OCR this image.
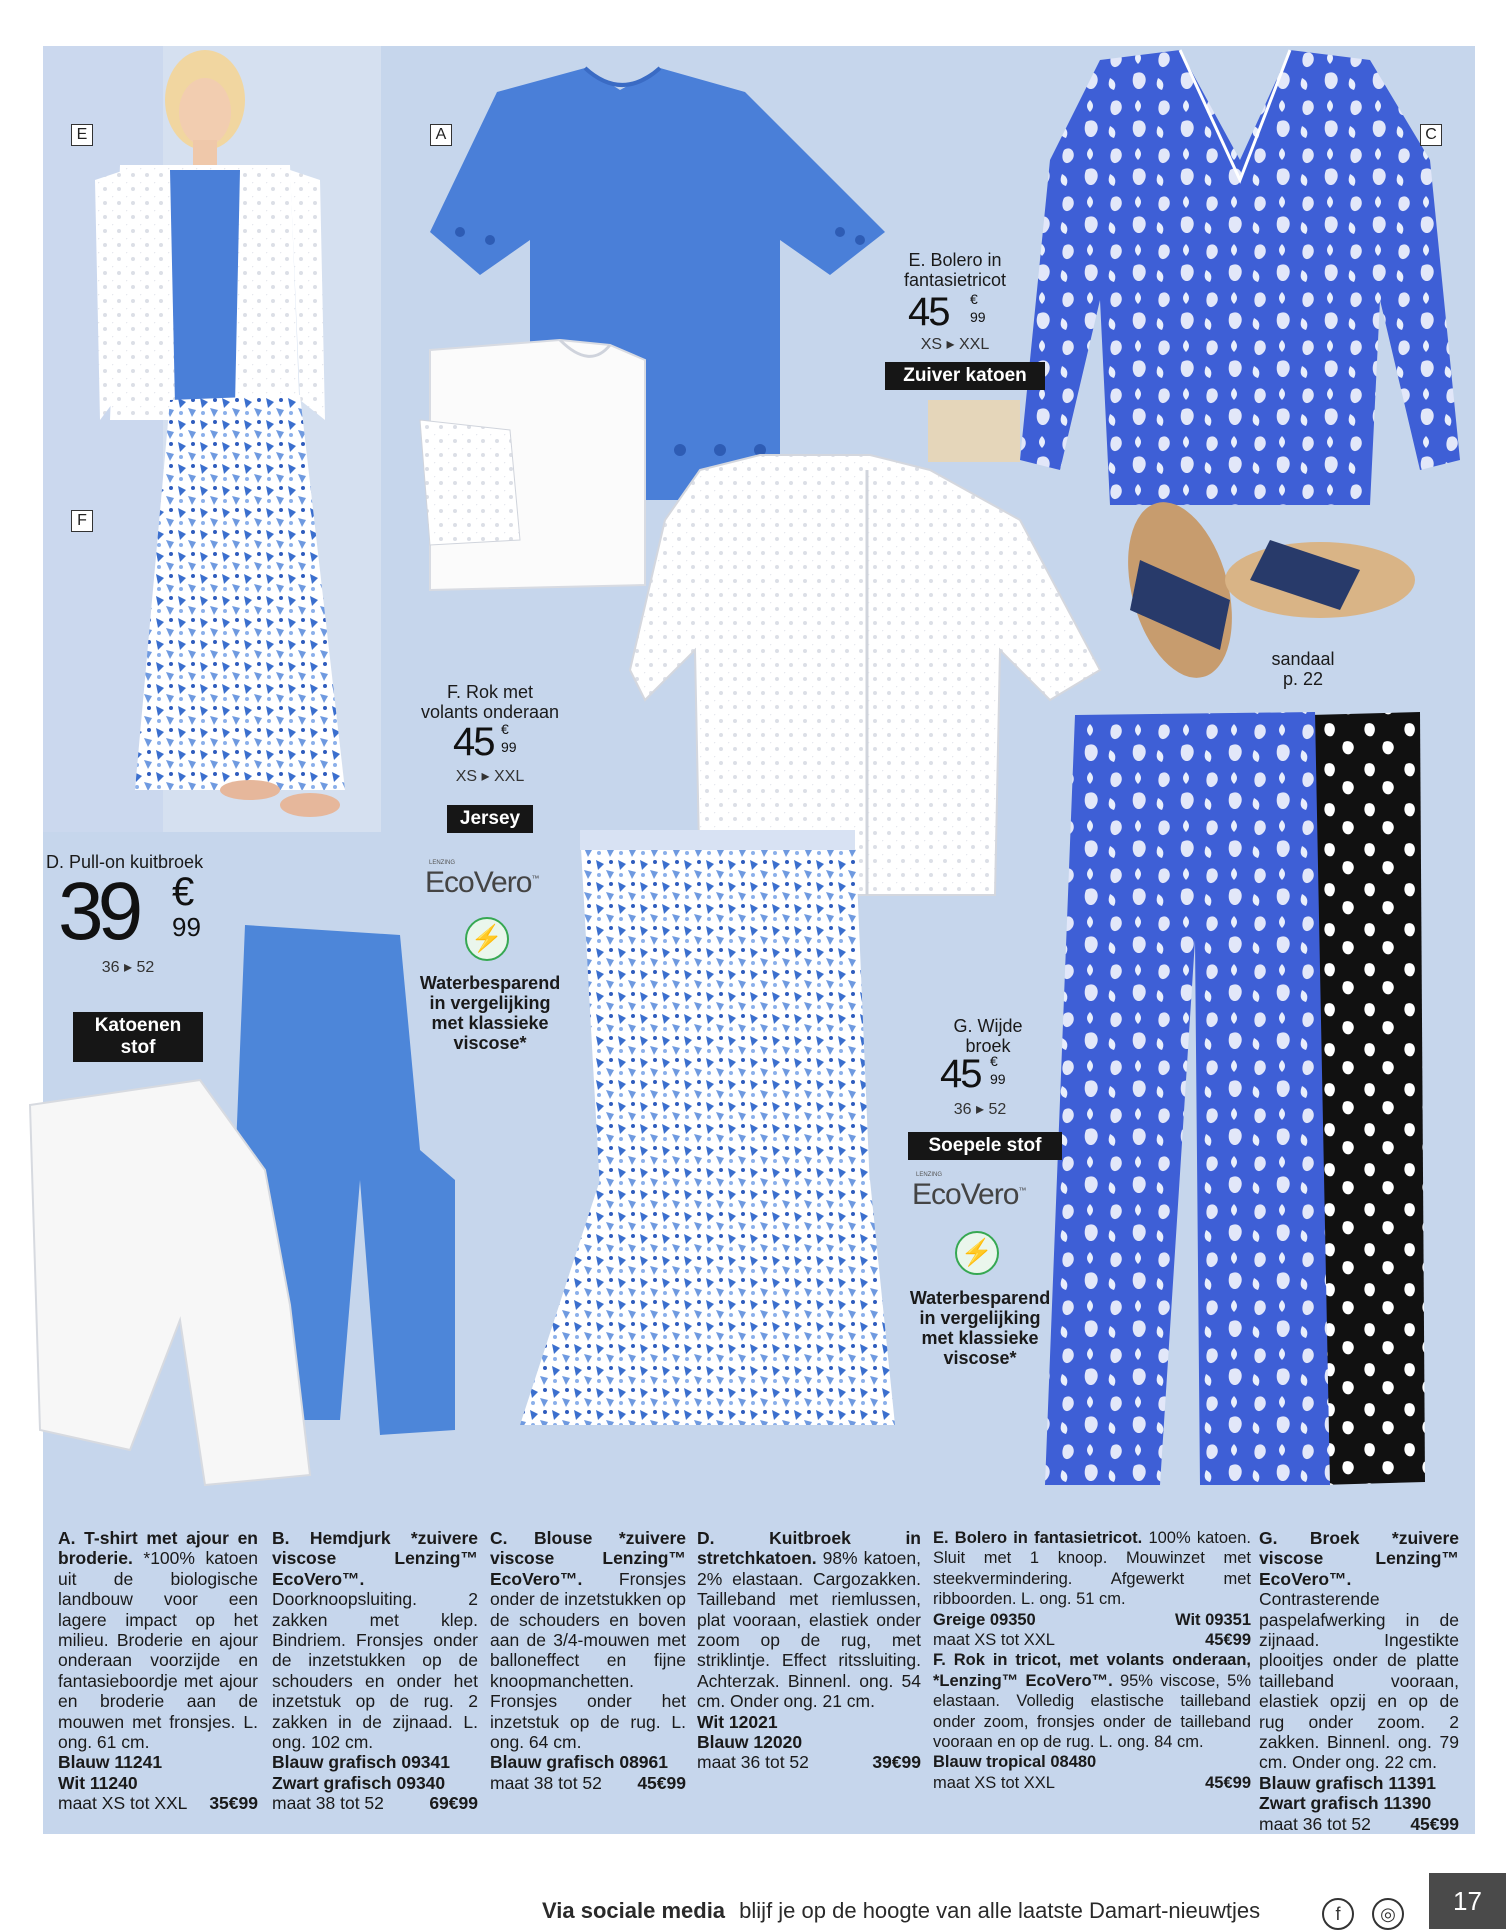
E	A	C
F
E. Bolero in
fantasietricot
45 €
99
XS ▸ XXL
Zuiver katoen
F. Rok met
volants onderaan
45 €
99
XS ▸ XXL
Jersey
LENZING
EcoVero™
⚡
Waterbesparend
in vergelijking
met klassieke
viscose*
D. Pull-on kuitbroek
39 €
99
36 ▸ 52
Katoenen
stof
sandaal
p. 22
G. Wijde
broek
45 €
99
36 ▸ 52
Soepele stof
LENZING
EcoVero™
⚡
Waterbesparend
in vergelijking
met klassieke
viscose*
A. T-shirt met ajour en broderie. *100% katoen uit de biologische landbouw voor een lagere impact op het milieu. Broderie en ajour onderaan voorzijde en fantasieboordje met ajour en broderie aan de mouwen met fronsjes. L. ong. 61 cm.
Blauw 11241
Wit 11240

maat XS tot XXL 35€99
B. Hemdjurk *zuivere viscose Lenzing™ EcoVero™. Doorknoopsluiting. 2 zakken met klep. Bindriem. Fronsjes onder de inzetstukken op de schouders en onder het inzetstuk op de rug. 2 zakken in de zijnaad. L. ong. 102 cm.
Blauw grafisch 09341
Zwart grafisch 09340

maat 38 tot 52	69€99
C. Blouse *zuivere viscose Lenzing™ EcoVero™. Fronsjes onder de inzetstukken op de schouders en boven aan de 3/4-mouwen met balloneffect en fijne knoopmanchetten. Fronsjes onder het inzetstuk op de rug. L. ong. 64 cm.
Blauw grafisch 08961

maat 38 tot 52 45€99
D. Kuitbroek in stretchkatoen. 98% katoen, 2% elastaan. Cargozakken. Tailleband met riemlussen, plat vooraan, elastiek onder zoom op de rug, met striklintje. Effect ritssluiting. Achterzak. Binnenl. ong. 54 cm. Onder ong. 21 cm.
Wit 12021
Blauw 12020

maat 36 tot 52	39€99
E. Bolero in fantasietricot. 100% katoen. Sluit met 1 knoop. Mouwinzet met steekvermindering. Afgewerkt met ribboorden. L. ong. 51 cm.
Greige 09350	Wit 09351
maat XS tot XXL	45€99
F. Rok in tricot, met volants onderaan, *Lenzing™ EcoVero™. 95% viscose, 5% elastaan. Volledig elastische tailleband onder zoom, fronsjes onder de tailleband vooraan en op de rug. L. ong. 84 cm.
Blauw tropical 08480
maat XS tot XXL	45€99
G. Broek *zuivere viscose Lenzing™ EcoVero™. Contrasterende paspelafwerking in de zijnaad. Ingestikte plooitjes onder de platte tailleband vooraan, elastiek opzij en op de rug onder zoom. 2 zakken. Binnenl. ong. 79 cm. Onder ong. 22 cm.
Blauw grafisch 11391
Zwart grafisch 11390

maat 36 tot 52 45€99
Via sociale media blijf je op de hoogte van alle laatste Damart-nieuwtjes	f	◎	17
